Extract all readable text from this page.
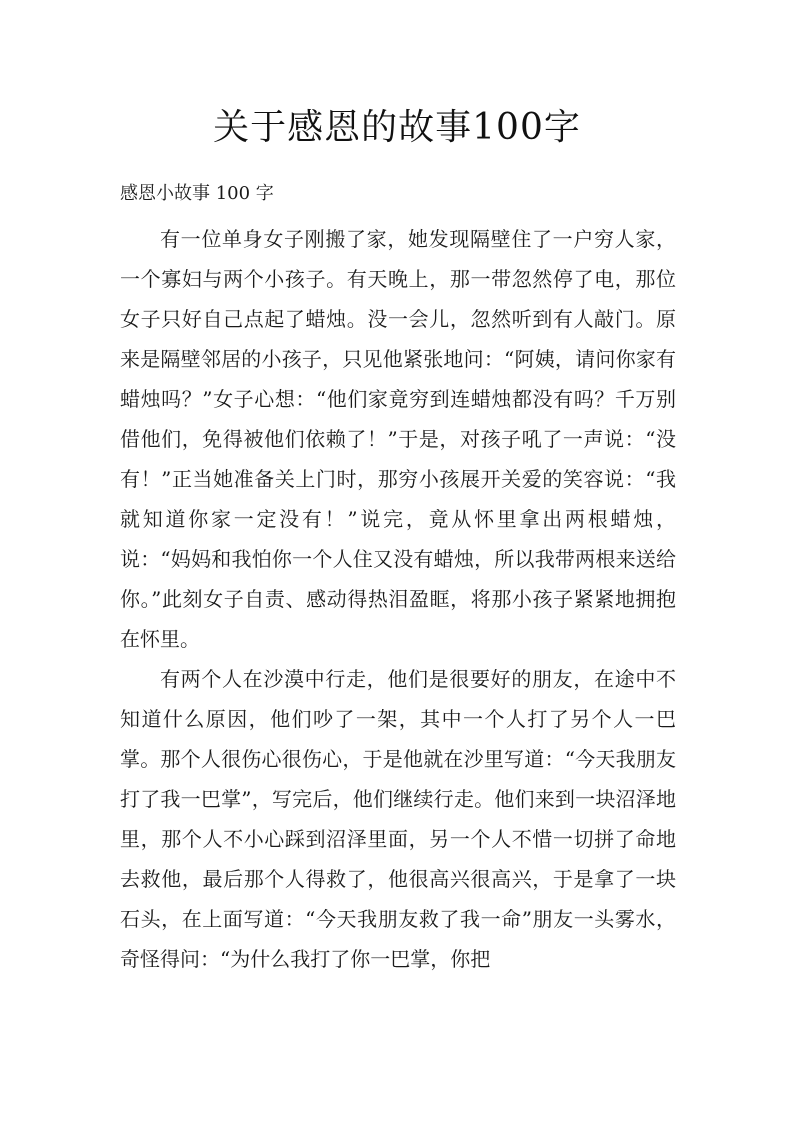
关于感恩的故事100字
感恩小故事 100 字

有一位单身女子刚搬了家，她发现隔壁住了一户穷人家，一个寡妇与两个小孩子。有天晚上，那一带忽然停了电，那位女子只好自己点起了蜡烛。没一会儿，忽然听到有人敲门。原来是隔壁邻居的小孩子，只见他紧张地问：“阿姨，请问你家有蜡烛吗？”女子心想：“他们家竟穷到连蜡烛都没有吗？千万别借他们，免得被他们依赖了！”于是，对孩子吼了一声说：“没有！”正当她准备关上门时，那穷小孩展开关爱的笑容说：“我就知道你家一定没有！”说完，竟从怀里拿出两根蜡烛，说：“妈妈和我怕你一个人住又没有蜡烛，所以我带两根来送给你。”此刻女子自责、感动得热泪盈眶，将那小孩子紧紧地拥抱在怀里。

有两个人在沙漠中行走，他们是很要好的朋友，在途中不知道什么原因，他们吵了一架，其中一个人打了另个人一巴掌。那个人很伤心很伤心，于是他就在沙里写道：“今天我朋友打了我一巴掌”，写完后，他们继续行走。他们来到一块沼泽地里，那个人不小心踩到沼泽里面，另一个人不惜一切拼了命地去救他，最后那个人得救了，他很高兴很高兴，于是拿了一块石头，在上面写道：“今天我朋友救了我一命”朋友一头雾水，奇怪得问：“为什么我打了你一巴掌，你把
